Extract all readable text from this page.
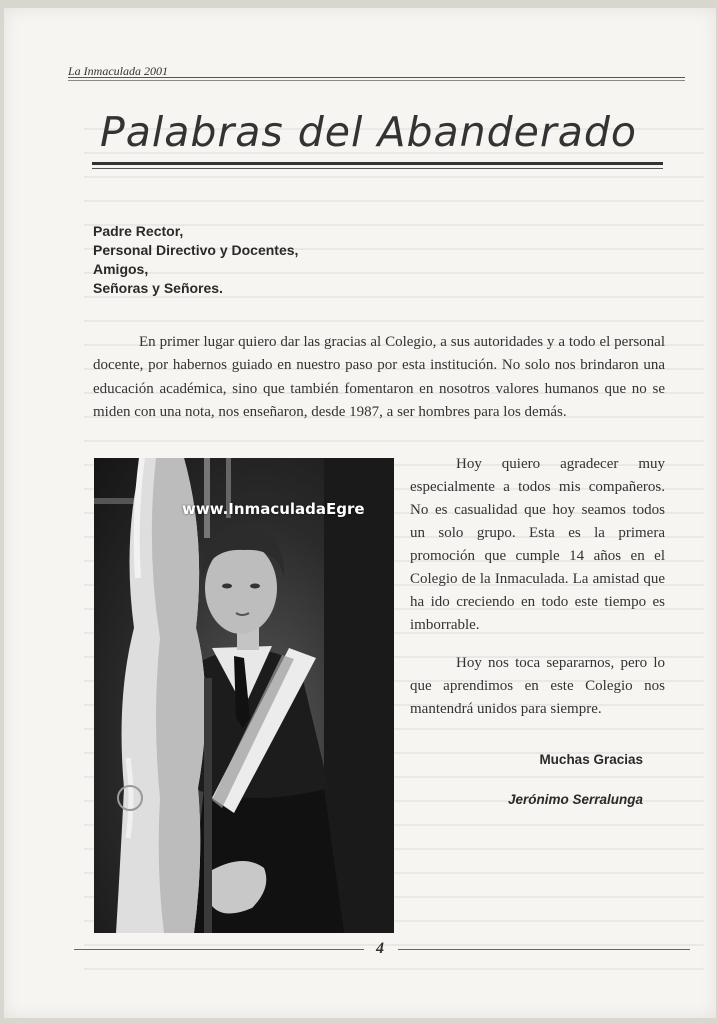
La Inmaculada 2001
Palabras del Abanderado
Padre Rector,
Personal Directivo y Docentes,
Amigos,
Señoras y Señores.
En primer lugar quiero dar las gracias al Colegio, a sus autoridades y a todo el personal docente, por habernos guiado en nuestro paso por esta institución. No solo nos brindaron una educación académica, sino que también fomentaron en nosotros valores humanos que no se miden con una nota, nos enseñaron, desde 1987, a ser hombres para los demás.
www.InmaculadaEgre

Hoy quiero agradecer muy especialmente a todos mis compañeros. No es casualidad que hoy seamos todos un solo grupo. Esta es la primera promoción que cumple 14 años en el Colegio de la Inmaculada. La amistad que ha ido creciendo en todo este tiempo es imborrable.

Hoy nos toca separarnos, pero lo que aprendimos en este Colegio nos mantendrá unidos para siempre.

Muchas Gracias
Jerónimo Serralunga
4
